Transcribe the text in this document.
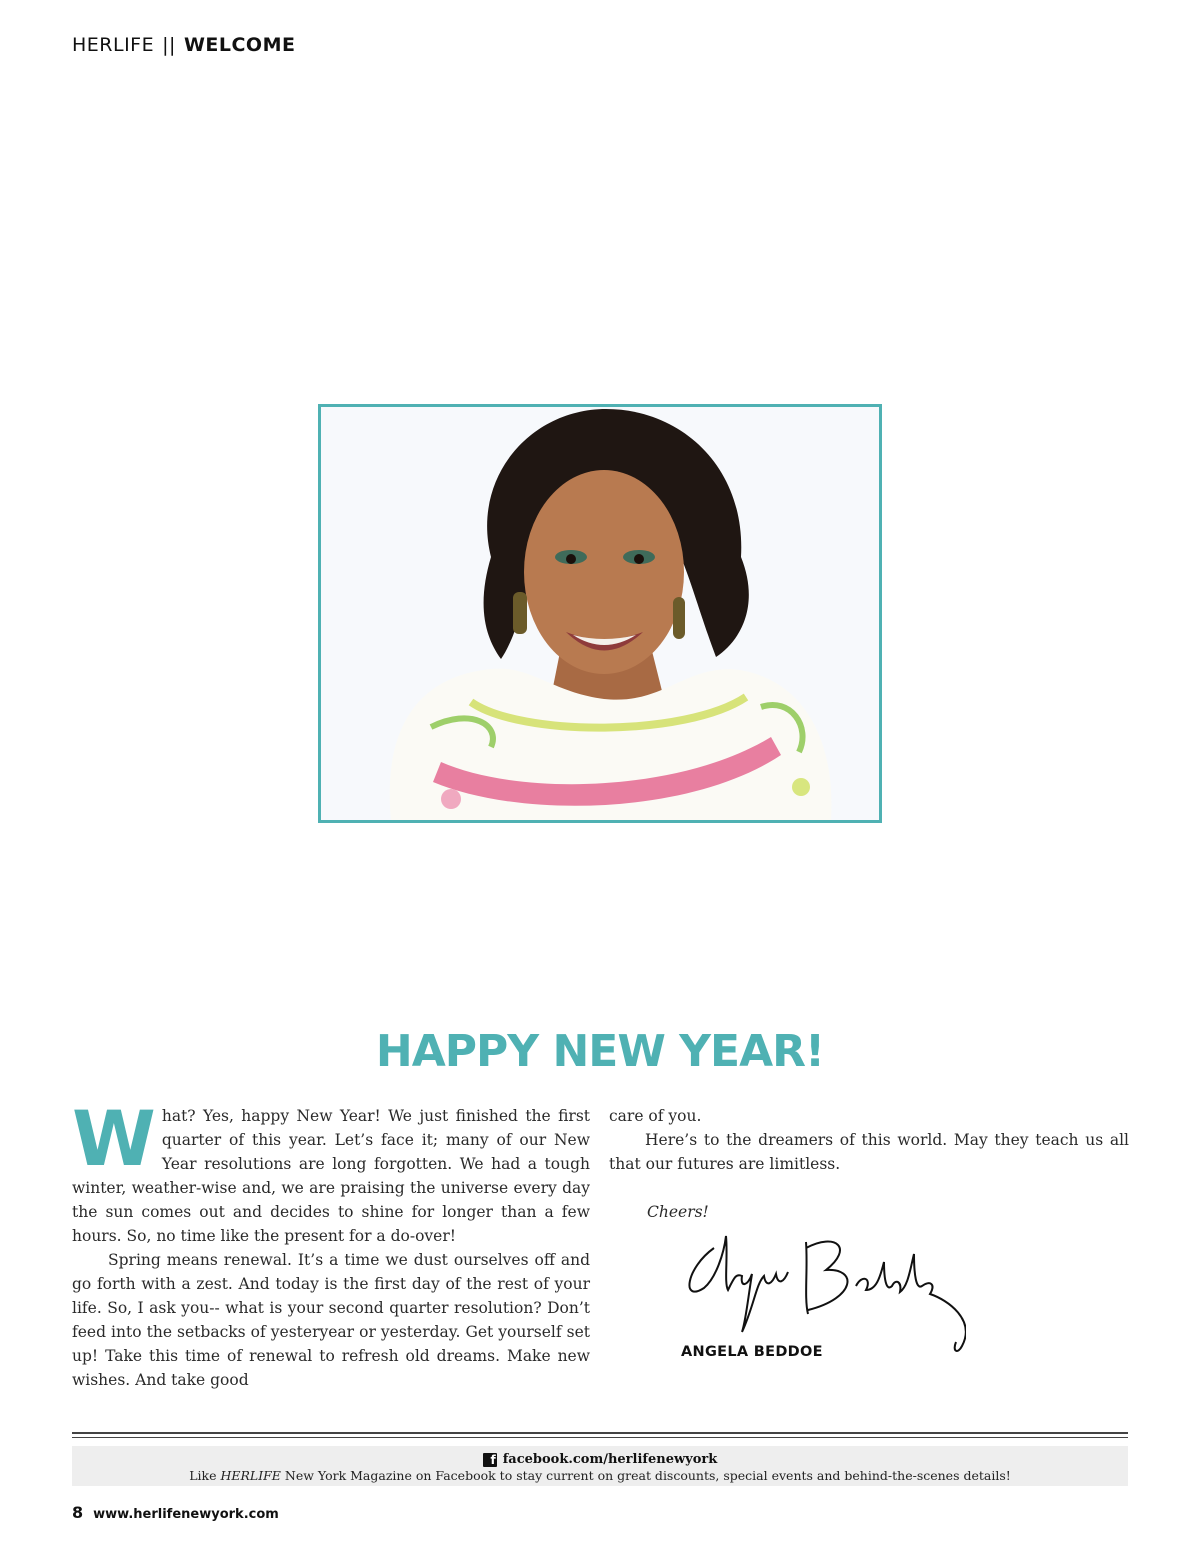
HERLIFE || WELCOME
HAPPY NEW YEAR!

What? Yes, happy New Year! We just finished the first quarter of this year. Let’s face it; many of our New Year resolutions are long forgotten. We had a tough winter, weather-wise and, we are praising the universe every day the sun comes out and decides to shine for longer than a few hours. So, no time like the present for a do-over!

Spring means renewal. It’s a time we dust ourselves off and go forth with a zest. And today is the first day of the rest of your life. So, I ask you-- what is your second quarter resolution? Don’t feed into the setbacks of yesteryear or yesterday. Get yourself set up! Take this time of renewal to refresh old dreams. Make new wishes. And take good

care of you.

Here’s to the dreamers of this world. May they teach us all that our futures are limitless.

Cheers!

ANGELA BEDDOE
f facebook.com/herlifenewyork
Like HERLIFE New York Magazine on Facebook to stay current on great discounts, special events and behind-the-scenes details!
8 www.herlifenewyork.com
